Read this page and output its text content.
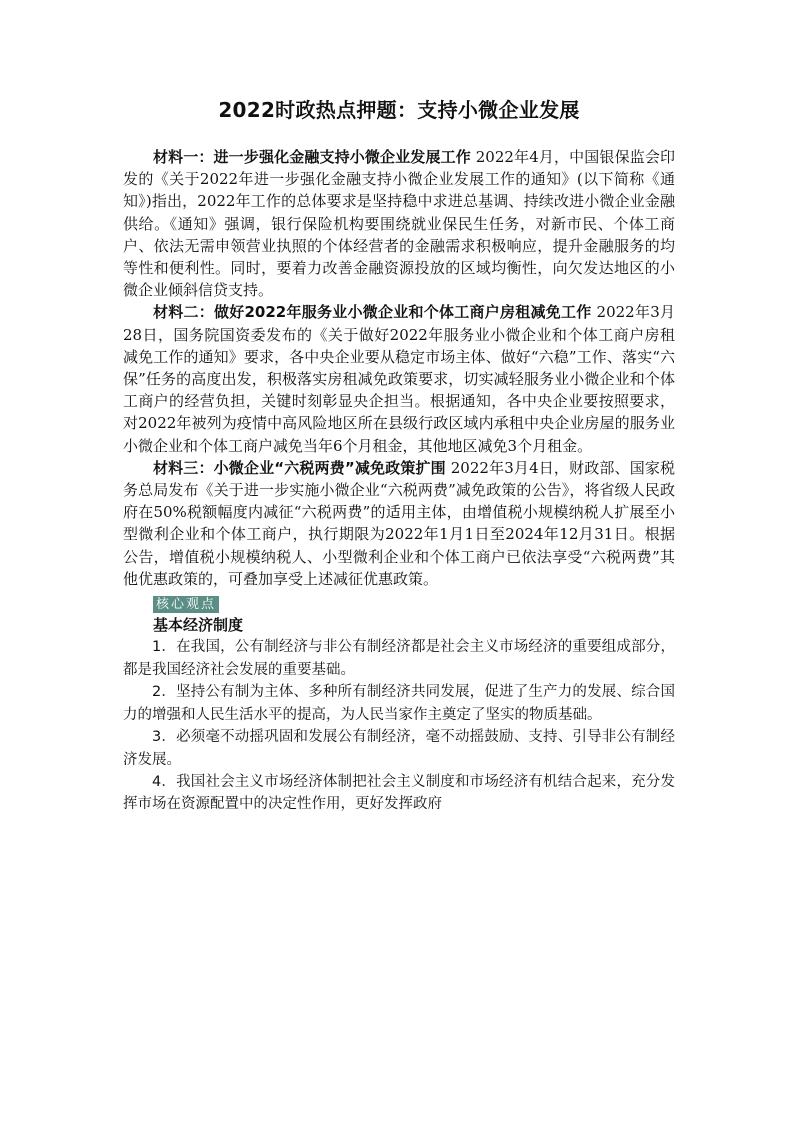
2022时政热点押题：支持小微企业发展

材料一：进一步强化金融支持小微企业发展工作 2022年4月，中国银保监会印发的《关于2022年进一步强化金融支持小微企业发展工作的通知》(以下简称《通知》)指出，2022年工作的总体要求是坚持稳中求进总基调、持续改进小微企业金融供给。《通知》强调，银行保险机构要围绕就业保民生任务，对新市民、个体工商户、依法无需申领营业执照的个体经营者的金融需求积极响应，提升金融服务的均等性和便利性。同时，要着力改善金融资源投放的区域均衡性，向欠发达地区的小微企业倾斜信贷支持。

材料二：做好2022年服务业小微企业和个体工商户房租减免工作 2022年3月28日，国务院国资委发布的《关于做好2022年服务业小微企业和个体工商户房租减免工作的通知》要求，各中央企业要从稳定市场主体、做好“六稳”工作、落实“六保”任务的高度出发，积极落实房租减免政策要求，切实减轻服务业小微企业和个体工商户的经营负担，关键时刻彰显央企担当。根据通知，各中央企业要按照要求，对2022年被列为疫情中高风险地区所在县级行政区域内承租中央企业房屋的服务业小微企业和个体工商户减免当年6个月租金，其他地区减免3个月租金。

材料三：小微企业“六税两费”减免政策扩围 2022年3月4日，财政部、国家税务总局发布《关于进一步实施小微企业“六税两费”减免政策的公告》，将省级人民政府在50%税额幅度内减征“六税两费”的适用主体，由增值税小规模纳税人扩展至小型微利企业和个体工商户，执行期限为2022年1月1日至2024年12月31日。根据公告，增值税小规模纳税人、小型微利企业和个体工商户已依法享受“六税两费”其他优惠政策的，可叠加享受上述减征优惠政策。

核心观点

基本经济制度

1．在我国，公有制经济与非公有制经济都是社会主义市场经济的重要组成部分，都是我国经济社会发展的重要基础。

2．坚持公有制为主体、多种所有制经济共同发展，促进了生产力的发展、综合国力的增强和人民生活水平的提高，为人民当家作主奠定了坚实的物质基础。

3．必须毫不动摇巩固和发展公有制经济，毫不动摇鼓励、支持、引导非公有制经济发展。

4．我国社会主义市场经济体制把社会主义制度和市场经济有机结合起来，充分发挥市场在资源配置中的决定性作用，更好发挥政府
